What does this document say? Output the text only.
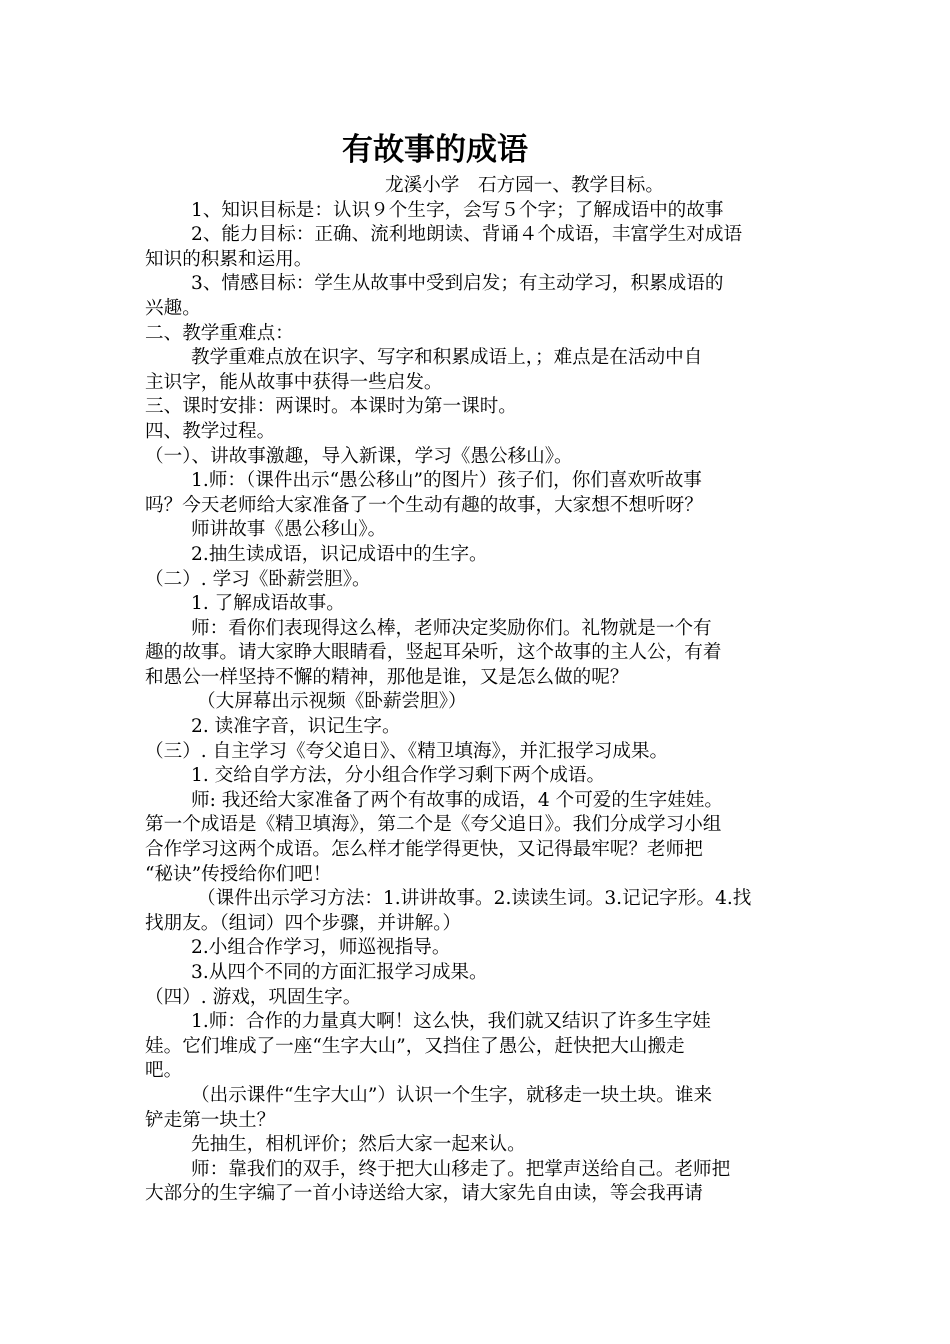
有故事的成语
龙溪小学　石方园一、教学目标。
1、知识目标是：认识９个生字，会写５个字；了解成语中的故事
2、能力目标：正确、流利地朗读、背诵４个成语，丰富学生对成语
知识的积累和运用。
3、情感目标：学生从故事中受到启发；有主动学习，积累成语的
兴趣。
二、教学重难点：
教学重难点放在识字、写字和积累成语上，；难点是在活动中自
主识字，能从故事中获得一些启发。
三、课时安排：两课时。本课时为第一课时。
四、教学过程。
（一）、讲故事激趣，导入新课，学习《愚公移山》。
1.师：（课件出示“愚公移山”的图片）孩子们，你们喜欢听故事
吗？今天老师给大家准备了一个生动有趣的故事，大家想不想听呀？
师讲故事《愚公移山》。
2.抽生读成语，识记成语中的生字。
（二）. 学习《卧薪尝胆》。
1. 了解成语故事。
师：看你们表现得这么棒，老师决定奖励你们。礼物就是一个有
趣的故事。请大家睁大眼睛看，竖起耳朵听，这个故事的主人公，有着
和愚公一样坚持不懈的精神，那他是谁，又是怎么做的呢？
（大屏幕出示视频《卧薪尝胆》）
2. 读准字音，识记生字。
（三）. 自主学习《夸父追日》、《精卫填海》，并汇报学习成果。
1. 交给自学方法，分小组合作学习剩下两个成语。
师: 我还给大家准备了两个有故事的成语，4 个可爱的生字娃娃。
第一个成语是《精卫填海》，第二个是《夸父追日》。我们分成学习小组
合作学习这两个成语。怎么样才能学得更快，又记得最牢呢？老师把
“秘诀”传授给你们吧！
（课件出示学习方法：1.讲讲故事。2.读读生词。3.记记字形。4.找
找朋友。（组词）四个步骤，并讲解。）
2.小组合作学习，师巡视指导。
3.从四个不同的方面汇报学习成果。
（四）. 游戏，巩固生字。
1.师：合作的力量真大啊！这么快，我们就又结识了许多生字娃
娃。它们堆成了一座“生字大山”，又挡住了愚公，赶快把大山搬走
吧。
（出示课件“生字大山”）认识一个生字，就移走一块土块。谁来
铲走第一块土？
先抽生，相机评价；然后大家一起来认。
师：靠我们的双手，终于把大山移走了。把掌声送给自己。老师把
大部分的生字编了一首小诗送给大家，请大家先自由读，等会我再请
